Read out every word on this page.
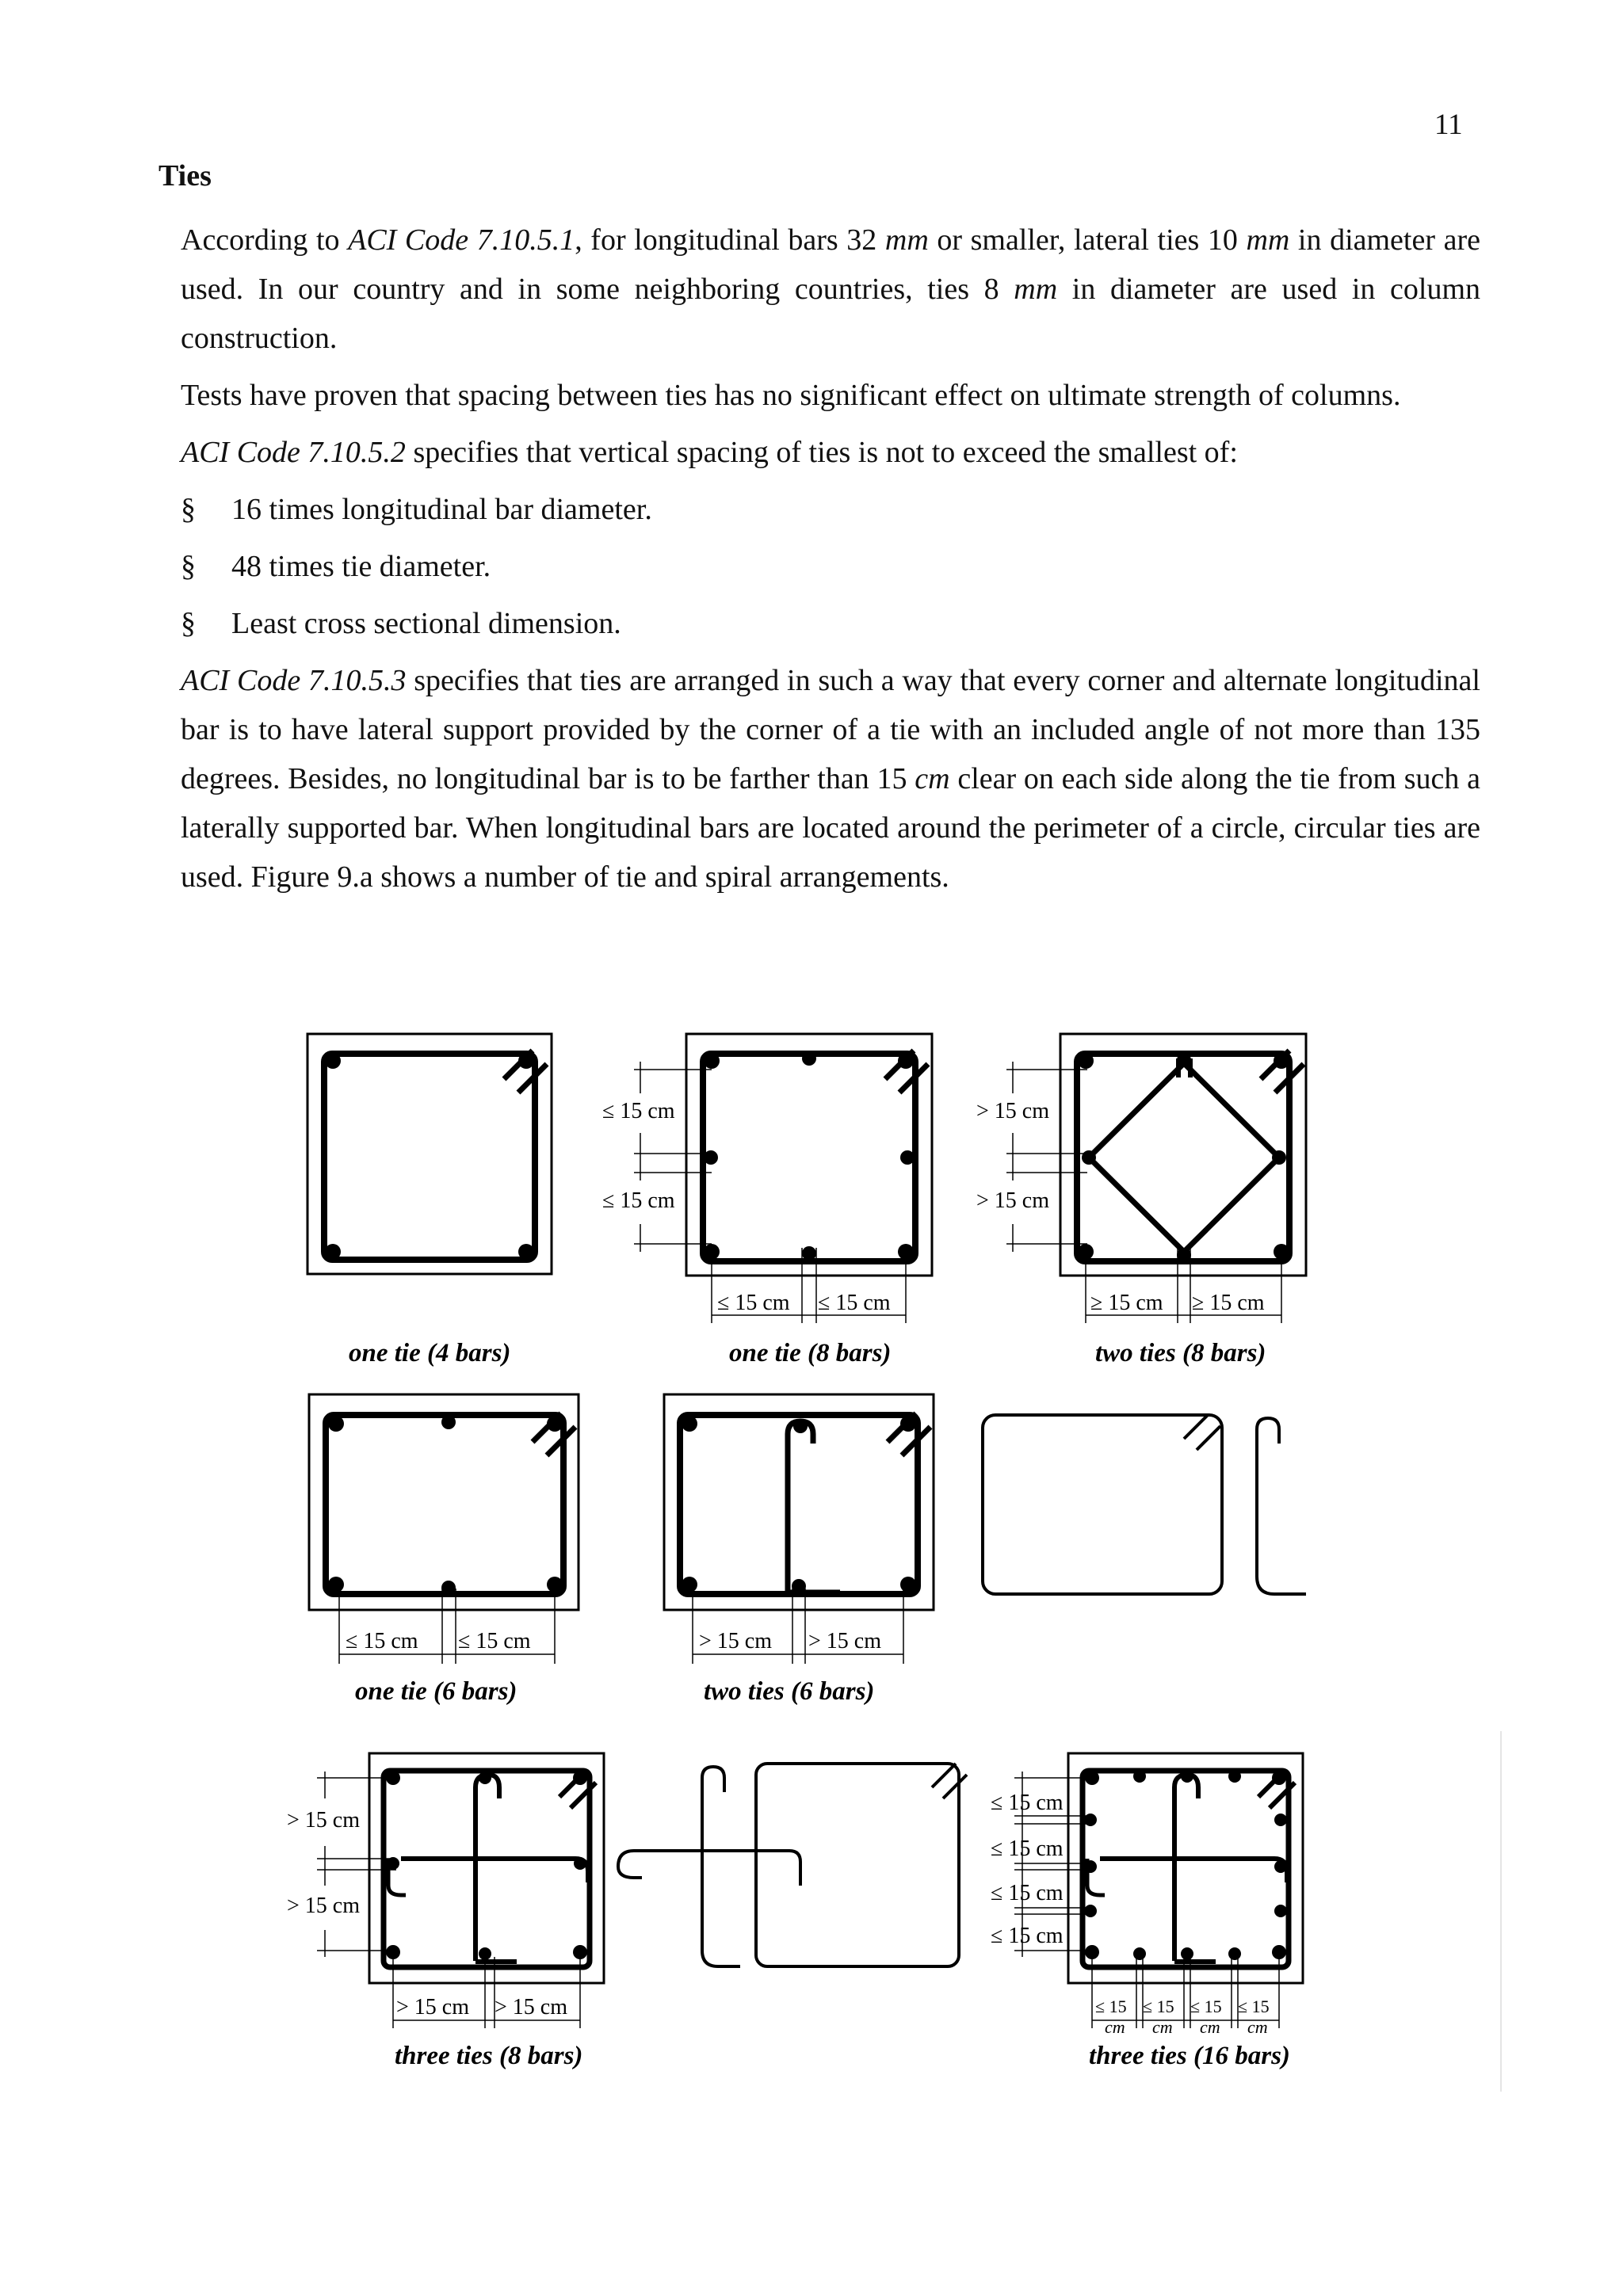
11
Ties

According to ACI Code 7.10.5.1, for longitudinal bars 32 mm or smaller, lateral ties 10 mm in diameter are used. In our country and in some neighboring countries, ties 8 mm in diameter are used in column construction.

Tests have proven that spacing between ties has no significant effect on ultimate strength of columns.

ACI Code 7.10.5.2 specifies that vertical spacing of ties is not to exceed the smallest of:

§	16 times longitudinal bar diameter.
§	48 times tie diameter.
§	Least cross sectional dimension.

ACI Code 7.10.5.3 specifies that ties are arranged in such a way that every corner and alternate longitudinal bar is to have lateral support provided by the corner of a tie with an included angle of not more than 135 degrees. Besides, no longitudinal bar is to be farther than 15 cm clear on each side along the tie from such a laterally supported bar. When longitudinal bars are located around the perimeter of a circle, circular ties are used. Figure 9.a shows a number of tie and spiral arrangements.

≤ 15 cm
≤ 15 cm
≤ 15 cm ≤ 15 cm
one tie (8 bars)
> 15 cm
> 15 cm
≥ 15 cm ≥ 15 cm
two ties (8 bars)
one tie (4 bars)
≤ 15 cm ≤ 15 cm
one tie (6 bars)
> 15 cm > 15 cm
two ties (6 bars)
> 15 cm
> 15 cm
> 15 cm > 15 cm
three ties (8 bars)
≤ 15 cm
≤ 15 cm
≤ 15 cm
≤ 15 cm
≤ 15 ≤ 15 ≤ 15 ≤ 15
cm cm cm cm
three ties (16 bars)
